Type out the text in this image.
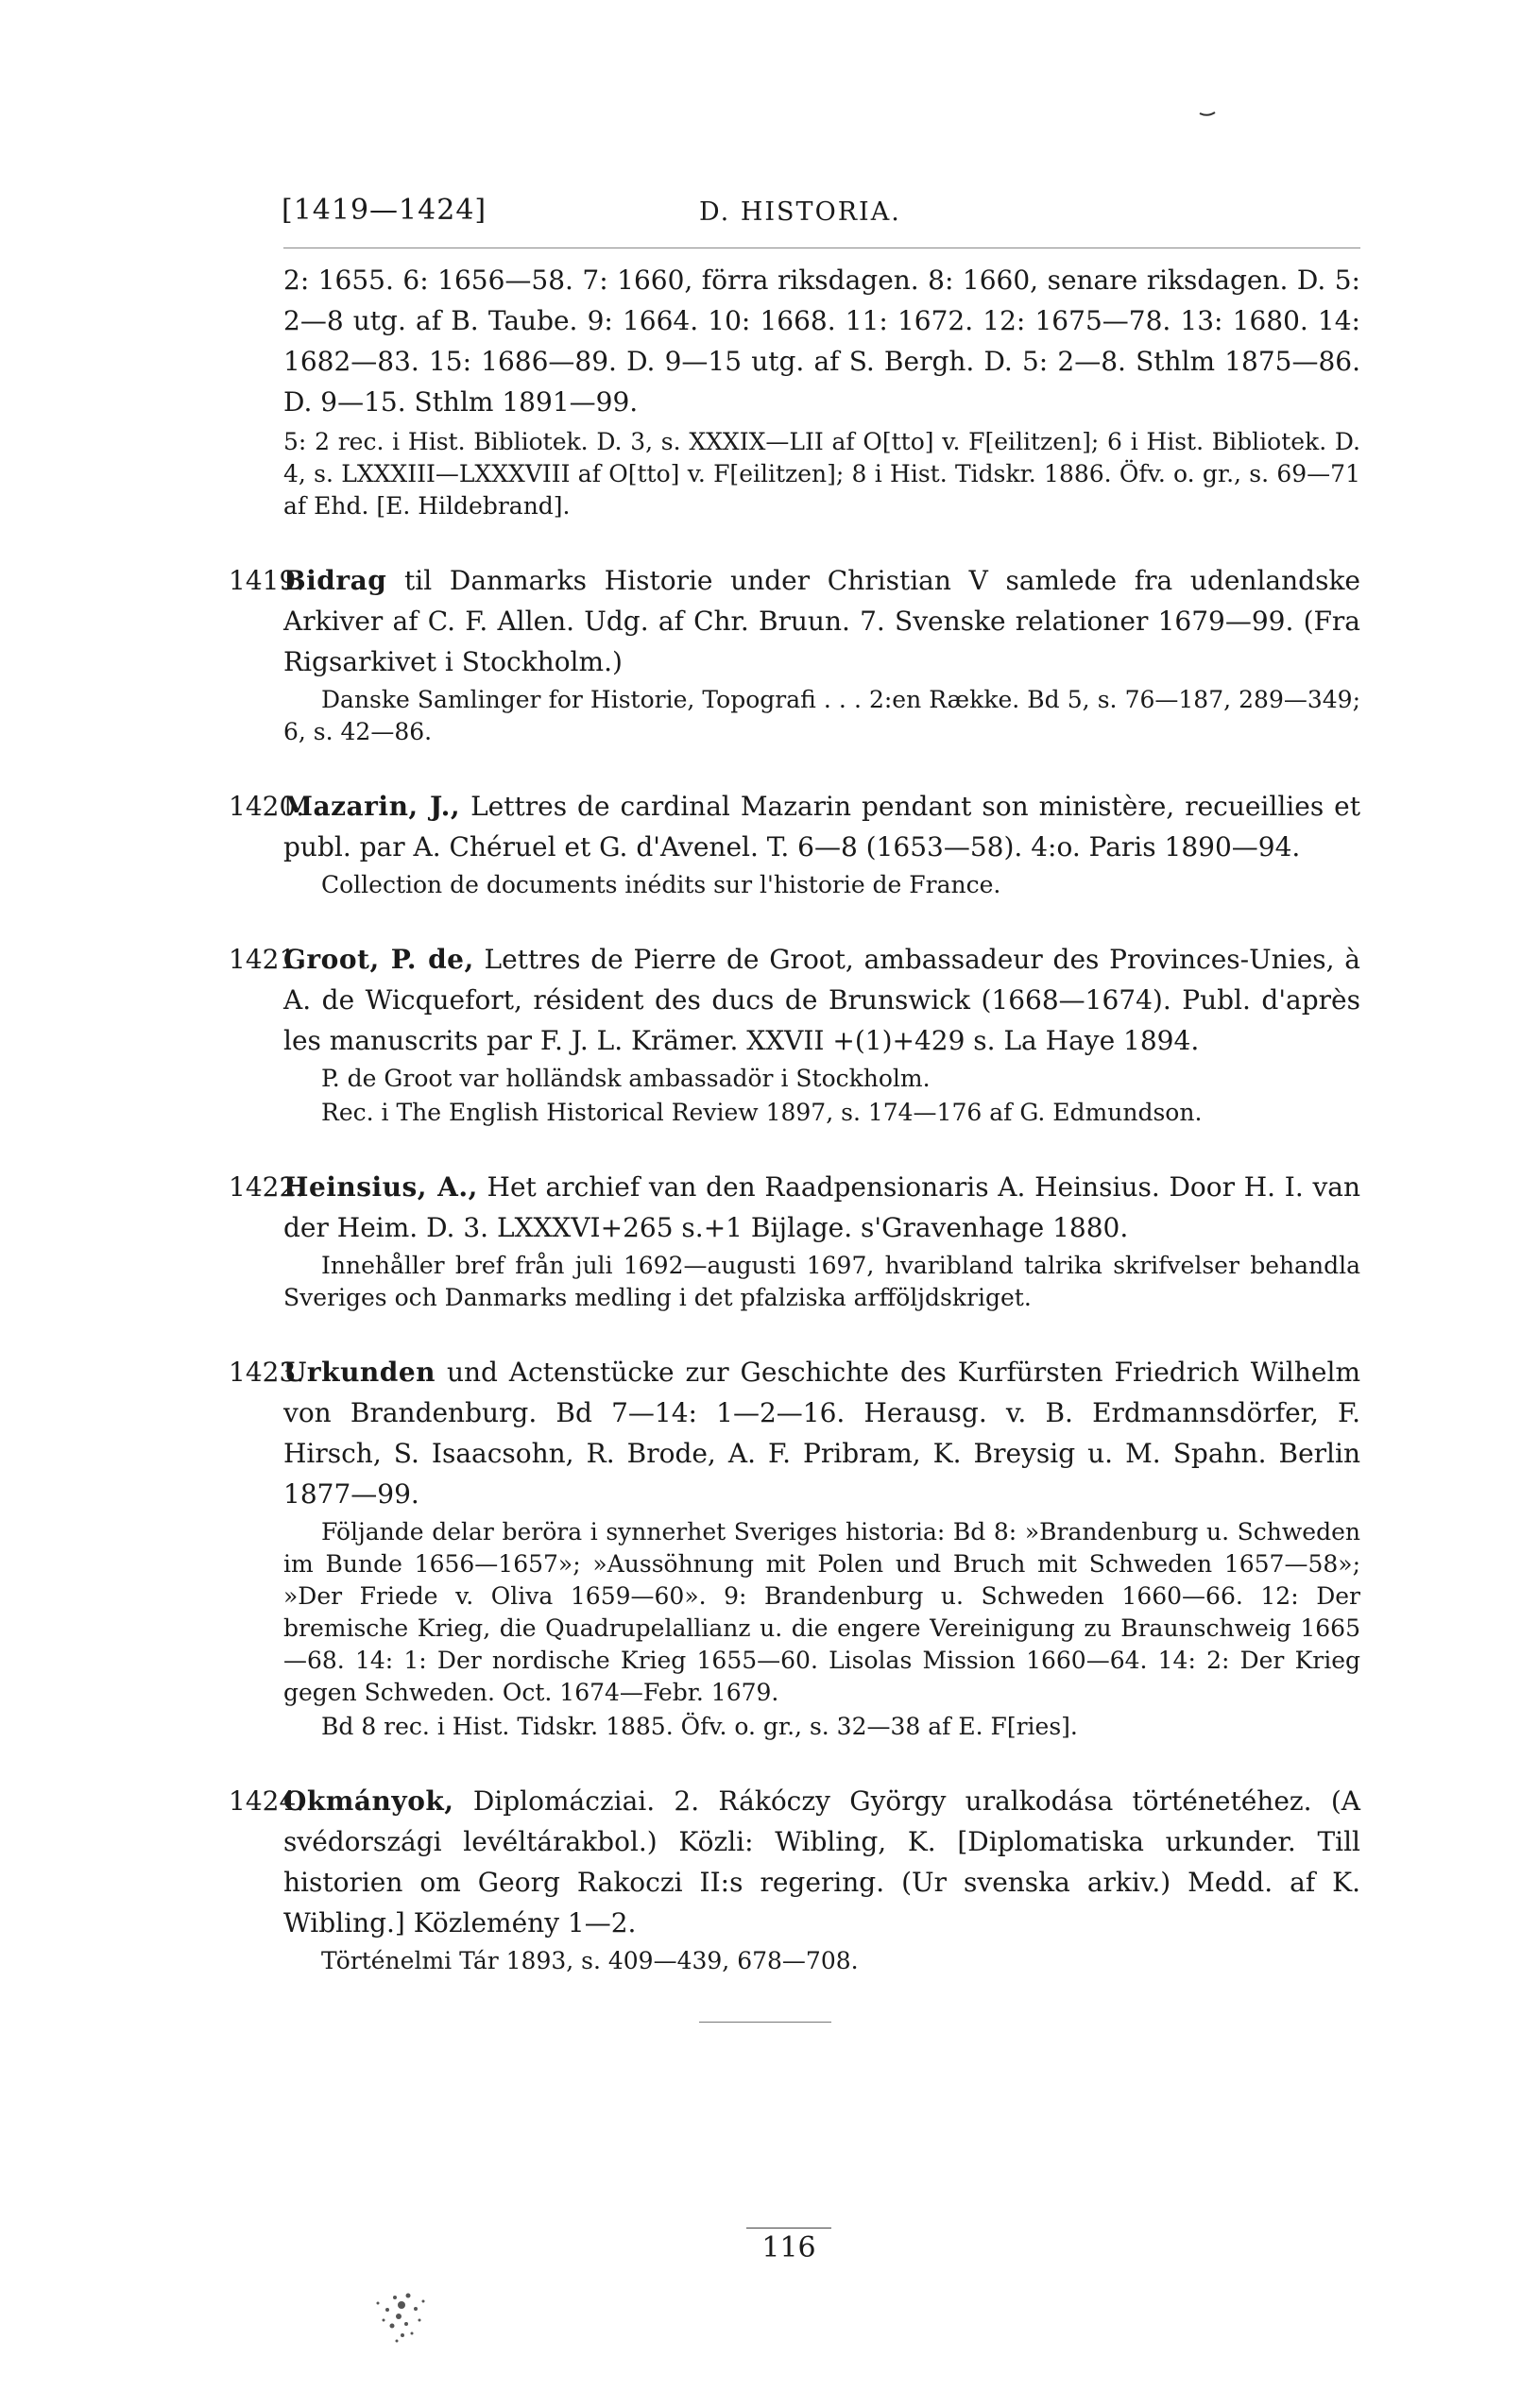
[1419—1424]	D. HISTORIA.
2: 1655. 6: 1656—58. 7: 1660, förra riksdagen. 8: 1660, senare riksdagen. D. 5: 2—8 utg. af B. Taube. 9: 1664. 10: 1668. 11: 1672. 12: 1675—78. 13: 1680. 14: 1682—83. 15: 1686—89. D. 9—15 utg. af S. Bergh. D. 5: 2—8. Sthlm 1875—86. D. 9—15. Sthlm 1891—99.
5: 2 rec. i Hist. Bibliotek. D. 3, s. XXXIX—LII af O[tto] v. F[eilitzen]; 6 i Hist. Bibliotek. D. 4, s. LXXXIII—LXXXVIII af O[tto] v. F[eilitzen]; 8 i Hist. Tidskr. 1886. Öfv. o. gr., s. 69—71 af Ehd. [E. Hildebrand].
1419.
Bidrag til Danmarks Historie under Christian V samlede fra udenlandske Arkiver af C. F. Allen. Udg. af Chr. Bruun. 7. Svenske relationer 1679—99. (Fra Rigsarkivet i Stockholm.)
Danske Samlinger for Historie, Topografi . . . 2:en Række. Bd 5, s. 76—187, 289—349; 6, s. 42—86.
1420.
Mazarin, J., Lettres de cardinal Mazarin pendant son ministère, recueillies et publ. par A. Chéruel et G. d'Avenel. T. 6—8 (1653—58). 4:o. Paris 1890—94.
Collection de documents inédits sur l'historie de France.
1421.
Groot, P. de, Lettres de Pierre de Groot, ambassadeur des Provinces-Unies, à A. de Wicquefort, résident des ducs de Brunswick (1668—1674). Publ. d'après les manuscrits par F. J. L. Krämer. XXVII +(1)+429 s. La Haye 1894.
P. de Groot var holländsk ambassadör i Stockholm.
Rec. i The English Historical Review 1897, s. 174—176 af G. Edmundson.
1422.
Heinsius, A., Het archief van den Raadpensionaris A. Heinsius. Door H. I. van der Heim. D. 3. LXXXVI+265 s.+1 Bijlage. s'Gravenhage 1880.
Innehåller bref från juli 1692—augusti 1697, hvaribland talrika skrifvelser behandla Sveriges och Danmarks medling i det pfalziska arfföljdskriget.
1423.
Urkunden und Actenstücke zur Geschichte des Kurfürsten Friedrich Wilhelm von Brandenburg. Bd 7—14: 1—2—16. Herausg. v. B. Erdmannsdörfer, F. Hirsch, S. Isaacsohn, R. Brode, A. F. Pribram, K. Breysig u. M. Spahn. Berlin 1877—99.
Följande delar beröra i synnerhet Sveriges historia: Bd 8: »Brandenburg u. Schweden im Bunde 1656—1657»; »Aussöhnung mit Polen und Bruch mit Schweden 1657—58»; »Der Friede v. Oliva 1659—60». 9: Brandenburg u. Schweden 1660—66. 12: Der bremische Krieg, die Quadrupelallianz u. die engere Vereinigung zu Braunschweig 1665—68. 14: 1: Der nordische Krieg 1655—60. Lisolas Mission 1660—64. 14: 2: Der Krieg gegen Schweden. Oct. 1674—Febr. 1679.
Bd 8 rec. i Hist. Tidskr. 1885. Öfv. o. gr., s. 32—38 af E. F[ries].
1424.
Okmányok, Diplomácziai. 2. Rákóczy György uralkodása történetéhez. (A svédországi levéltárakbol.) Közli: Wibling, K. [Diplomatiska urkunder. Till historien om Georg Rakoczi II:s regering. (Ur svenska arkiv.) Medd. af K. Wibling.] Közlemény 1—2.
Történelmi Tár 1893, s. 409—439, 678—708.
116
